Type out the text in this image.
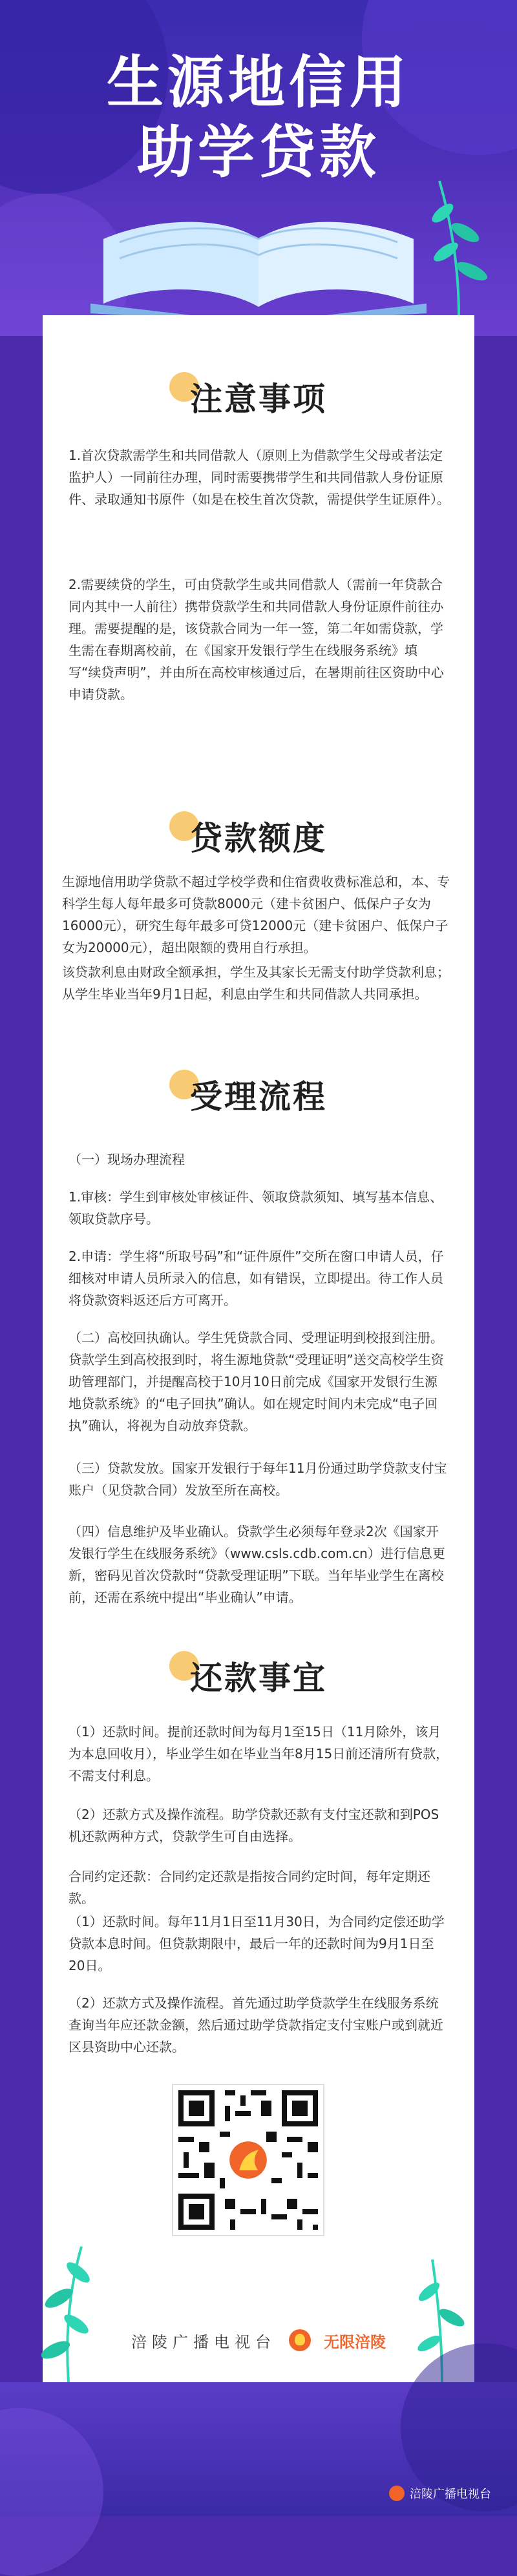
生源地信用
助学贷款
注意事项

1.首次贷款需学生和共同借款人（原则上为借款学生父母或者法定监护人）一同前往办理，同时需要携带学生和共同借款人身份证原件、录取通知书原件（如是在校生首次贷款，需提供学生证原件）。

2.需要续贷的学生，可由贷款学生或共同借款人（需前一年贷款合同内其中一人前往）携带贷款学生和共同借款人身份证原件前往办理。需要提醒的是，该贷款合同为一年一签，第二年如需贷款，学生需在春期离校前，在《国家开发银行学生在线服务系统》填写“续贷声明”，并由所在高校审核通过后，在暑期前往区资助中心申请贷款。

贷款额度

生源地信用助学贷款不超过学校学费和住宿费收费标准总和，本、专科学生每人每年最多可贷款8000元（建卡贫困户、低保户子女为16000元），研究生每年最多可贷12000元（建卡贫困户、低保户子女为20000元），超出限额的费用自行承担。

该贷款利息由财政全额承担，学生及其家长无需支付助学贷款利息；从学生毕业当年9月1日起，利息由学生和共同借款人共同承担。

受理流程

（一）现场办理流程

1.审核：学生到审核处审核证件、领取贷款须知、填写基本信息、领取贷款序号。

2.申请：学生将“所取号码”和“证件原件”交所在窗口申请人员，仔细核对申请人员所录入的信息，如有错误，立即提出。待工作人员将贷款资料返还后方可离开。

（二）高校回执确认。学生凭贷款合同、受理证明到校报到注册。贷款学生到高校报到时，将生源地贷款“受理证明”送交高校学生资助管理部门，并提醒高校于10月10日前完成《国家开发银行生源地贷款系统》的“电子回执”确认。如在规定时间内未完成“电子回执”确认，将视为自动放弃贷款。

（三）贷款发放。国家开发银行于每年11月份通过助学贷款支付宝账户（见贷款合同）发放至所在高校。

（四）信息维护及毕业确认。贷款学生必须每年登录2次《国家开发银行学生在线服务系统》（www.csls.cdb.com.cn）进行信息更新，密码见首次贷款时“贷款受理证明”下联。当年毕业学生在离校前，还需在系统中提出“毕业确认”申请。

还款事宜

（1）还款时间。提前还款时间为每月1至15日（11月除外，该月为本息回收月），毕业学生如在毕业当年8月15日前还清所有贷款，不需支付利息。

（2）还款方式及操作流程。助学贷款还款有支付宝还款和到POS机还款两种方式，贷款学生可自由选择。

合同约定还款：合同约定还款是指按合同约定时间，每年定期还款。

（1）还款时间。每年11月1日至11月30日，为合同约定偿还助学贷款本息时间。但贷款期限中，最后一年的还款时间为9月1日至20日。

（2）还款方式及操作流程。首先通过助学贷款学生在线服务系统查询当年应还款金额，然后通过助学贷款指定支付宝账户或到就近区县资助中心还款。

涪陵广播电视台	无限涪陵
涪陵广播电视台
